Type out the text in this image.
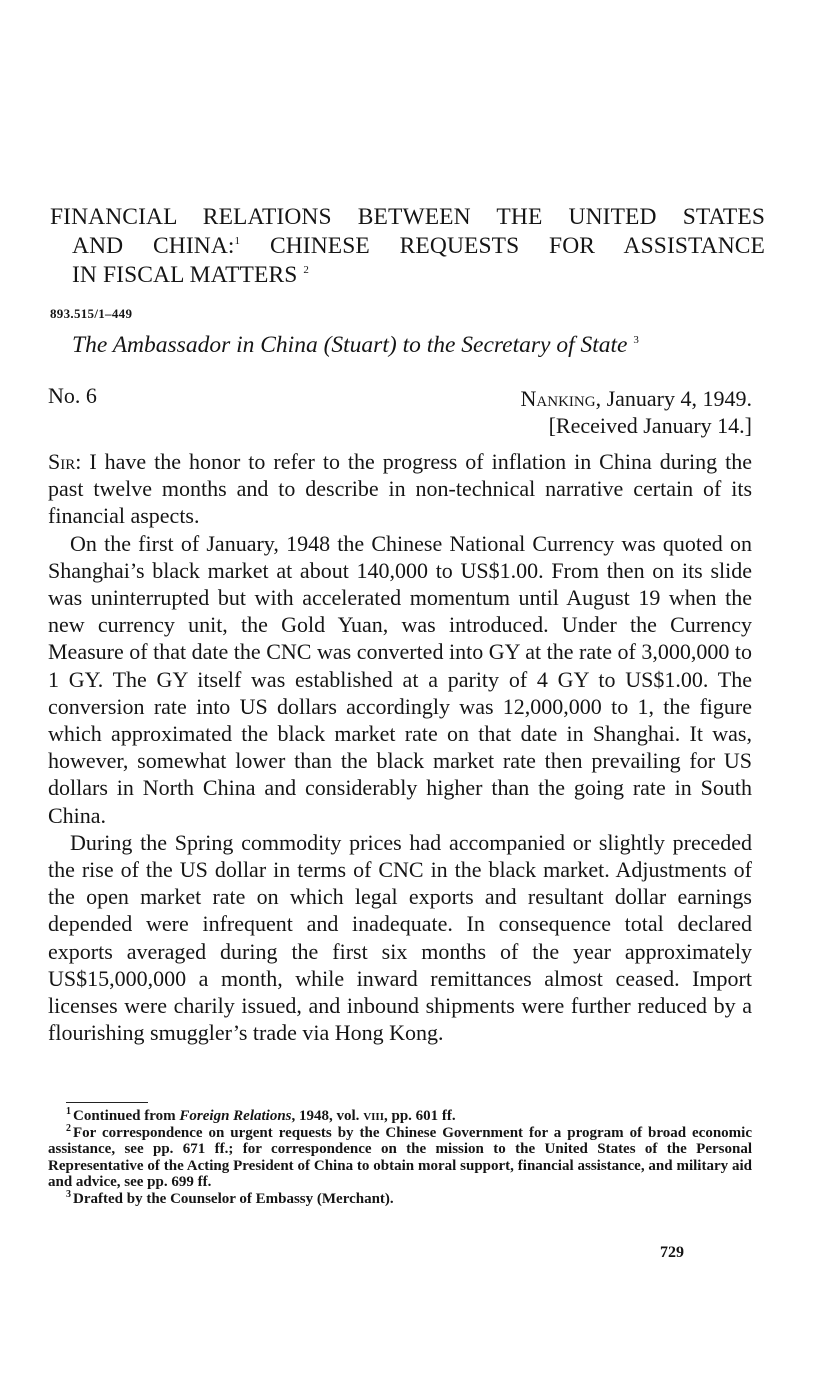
FINANCIAL RELATIONS BETWEEN THE UNITED STATES
AND CHINA:$^1$ CHINESE REQUESTS FOR ASSISTANCE
IN FISCAL MATTERS $^2$
893.515/1–449
The Ambassador in China (Stuart) to the Secretary of State $^3$
No. 6	Nanking, January 4, 1949.
[Received January 14.]

Sir: I have the honor to refer to the progress of inflation in China during the past twelve months and to describe in non-technical narrative certain of its financial aspects.

On the first of January, 1948 the Chinese National Currency was quoted on Shanghai’s black market at about 140,000 to US$1.00. From then on its slide was uninterrupted but with accelerated momentum until August 19 when the new currency unit, the Gold Yuan, was introduced. Under the Currency Measure of that date the CNC was converted into GY at the rate of 3,000,000 to 1 GY. The GY itself was established at a parity of 4 GY to US$1.00. The conversion rate into US dollars accordingly was 12,000,000 to 1, the figure which approximated the black market rate on that date in Shanghai. It was, however, somewhat lower than the black market rate then prevailing for US dollars in North China and considerably higher than the going rate in South China.

During the Spring commodity prices had accompanied or slightly preceded the rise of the US dollar in terms of CNC in the black market. Adjustments of the open market rate on which legal exports and resultant dollar earnings depended were infrequent and inadequate. In consequence total declared exports averaged during the first six months of the year approximately US$15,000,000 a month, while inward remittances almost ceased. Import licenses were charily issued, and inbound shipments were further reduced by a flourishing smuggler’s trade via Hong Kong.

$^1$ Continued from Foreign Relations, 1948, vol. viii, pp. 601 ff.

$^2$ For correspondence on urgent requests by the Chinese Government for a program of broad economic assistance, see pp. 671 ff.; for correspondence on the mission to the United States of the Personal Representative of the Acting President of China to obtain moral support, financial assistance, and military aid and advice, see pp. 699 ff.

$^3$ Drafted by the Counselor of Embassy (Merchant).

729
